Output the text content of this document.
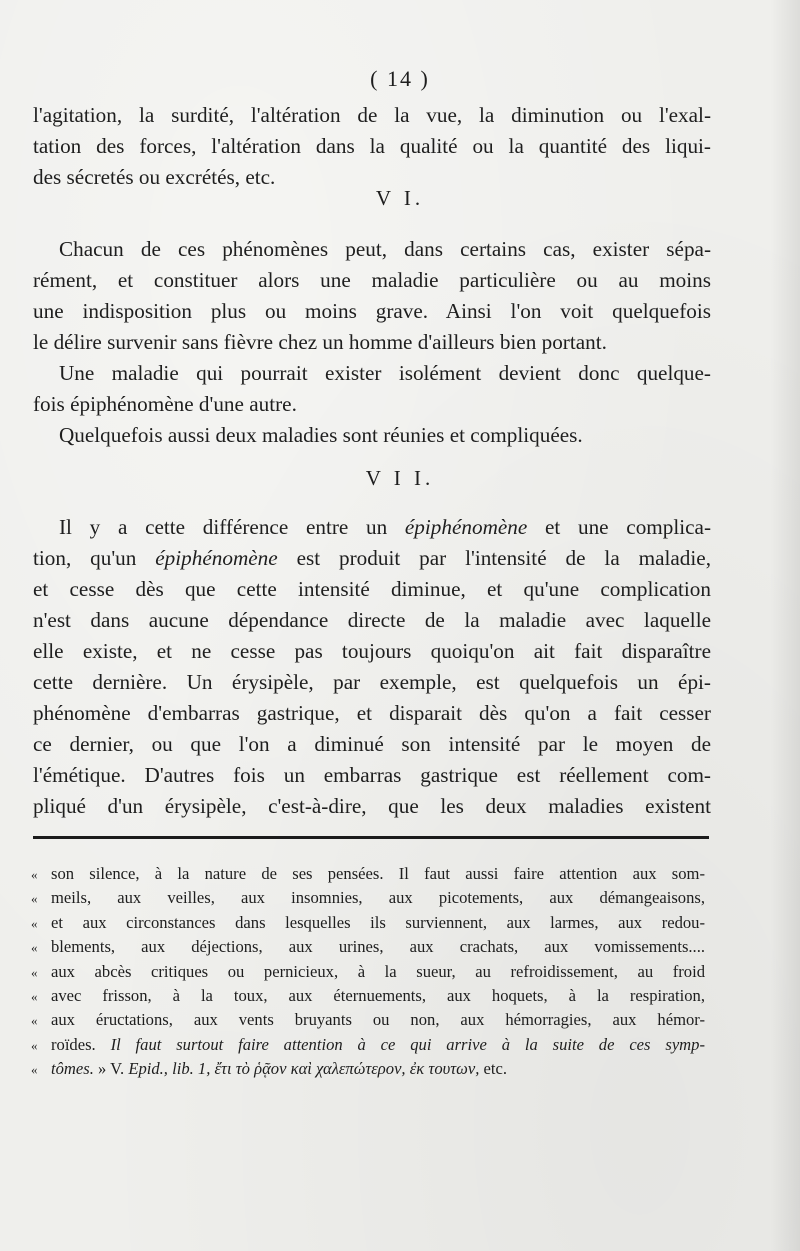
( 14 )
l'agitation, la surdité, l'altération de la vue, la diminution ou l'exal-
tation des forces, l'altération dans la qualité ou la quantité des liqui-
des sécretés ou excrétés, etc.
V I.
Chacun de ces phénomènes peut, dans certains cas, exister sépa-
rément, et constituer alors une maladie particulière ou au moins
une indisposition plus ou moins grave. Ainsi l'on voit quelquefois
le délire survenir sans fièvre chez un homme d'ailleurs bien portant.
Une maladie qui pourrait exister isolément devient donc quelque-
fois épiphénomène d'une autre.
Quelquefois aussi deux maladies sont réunies et compliquées.
V I I.
Il y a cette différence entre un épiphénomène et une complica-
tion, qu'un épiphénomène est produit par l'intensité de la maladie,
et cesse dès que cette intensité diminue, et qu'une complication
n'est dans aucune dépendance directe de la maladie avec laquelle
elle existe, et ne cesse pas toujours quoiqu'on ait fait disparaître
cette dernière. Un érysipèle, par exemple, est quelquefois un épi-
phénomène d'embarras gastrique, et disparait dès qu'on a fait cesser
ce dernier, ou que l'on a diminué son intensité par le moyen de
l'émétique. D'autres fois un embarras gastrique est réellement com-
pliqué d'un érysipèle, c'est-à-dire, que les deux maladies existent
« son silence, à la nature de ses pensées. Il faut aussi faire attention aux som-
« meils, aux veilles, aux insomnies, aux picotements, aux démangeaisons,
« et aux circonstances dans lesquelles ils surviennent, aux larmes, aux redou-
« blements, aux déjections, aux urines, aux crachats, aux vomissements....
« aux abcès critiques ou pernicieux, à la sueur, au refroidissement, au froid
« avec frisson, à la toux, aux éternuements, aux hoquets, à la respiration,
« aux éructations, aux vents bruyants ou non, aux hémorragies, aux hémor-
« roïdes. Il faut surtout faire attention à ce qui arrive à la suite de ces symp-
« tômes. » V. Epid., lib. 1, ἔτι τὸ ῥᾷον καὶ χαλεπώτερον, ἐκ τουτων, etc.
